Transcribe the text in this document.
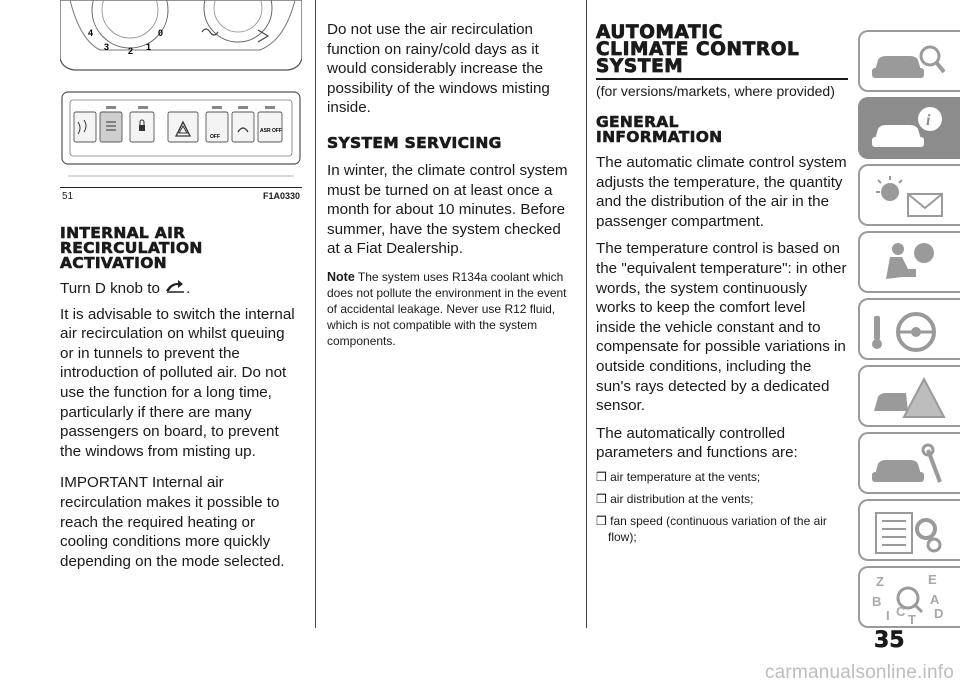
4	0
3 2 1
OFF
ASR OFF
51	F1A0330
INTERNAL AIR
RECIRCULATION
ACTIVATION
Turn D knob to .

It is advisable to switch the internal air recirculation on whilst queuing or in tunnels to prevent the introduction of polluted air. Do not use the function for a long time, particularly if there are many passengers on board, to prevent the windows from misting up.

IMPORTANT Internal air recirculation makes it possible to reach the required heating or cooling conditions more quickly depending on the mode selected.

Do not use the air recirculation function on rainy/cold days as it would considerably increase the possibility of the windows misting inside.

SYSTEM SERVICING

In winter, the climate control system must be turned on at least once a month for about 10 minutes. Before summer, have the system checked at a Fiat Dealership.

Note The system uses R134a coolant which does not pollute the environment in the event of accidental leakage. Never use R12 fluid, which is not compatible with the system components.

AUTOMATIC
CLIMATE CONTROL
SYSTEM

(for versions/markets, where provided)

GENERAL
INFORMATION

The automatic climate control system adjusts the temperature, the quantity and the distribution of the air in the passenger compartment.

The temperature control is based on the "equivalent temperature": in other words, the system continuously works to keep the comfort level inside the vehicle constant and to compensate for possible variations in outside conditions, including the sun's rays detected by a dedicated sensor.

The automatically controlled parameters and functions are:

❒ air temperature at the vents;
❒ air distribution at the vents;
❒ fan speed (continuous variation of the air flow);
i
Z	E
B	A
I C D
T
35
carmanualsonline.info
